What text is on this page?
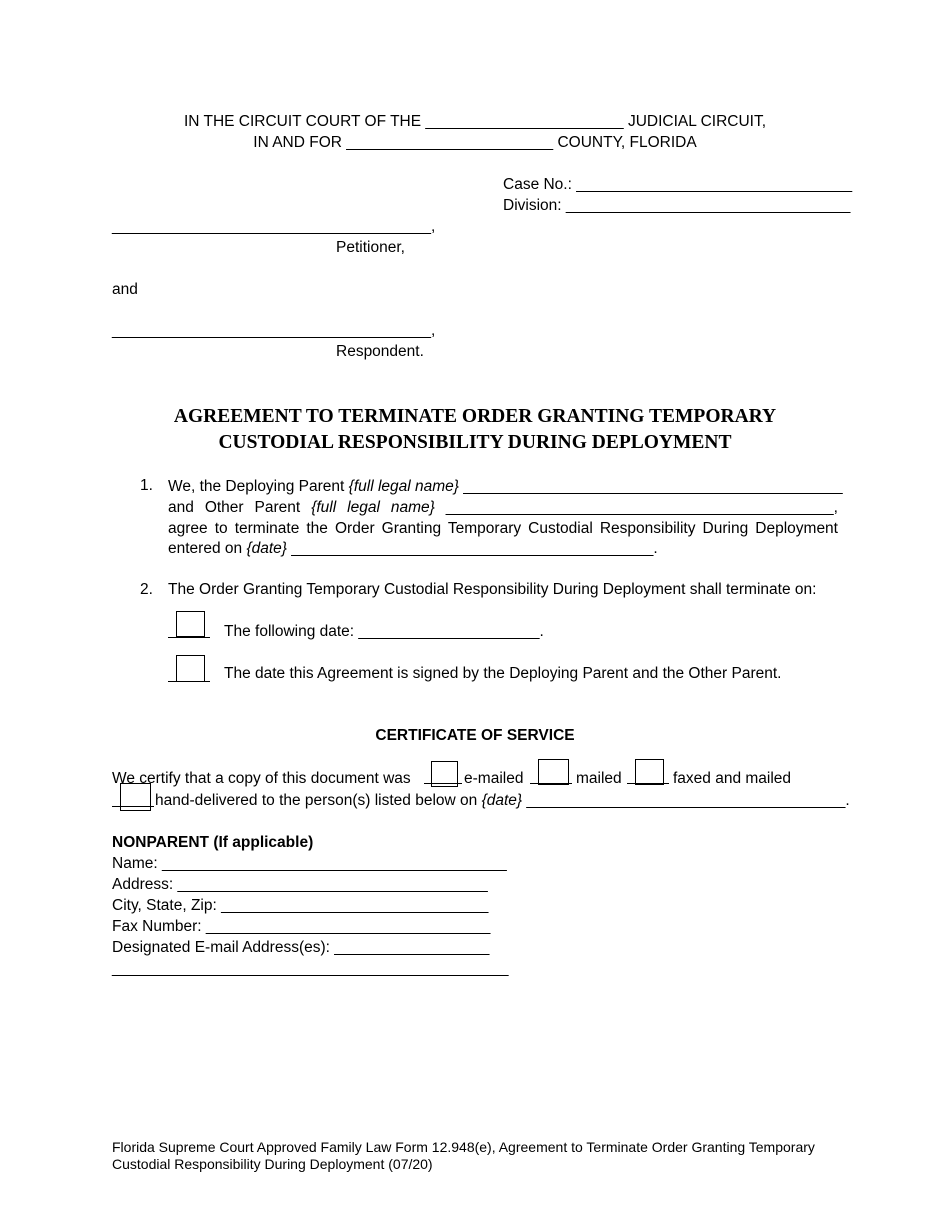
IN THE CIRCUIT COURT OF THE _______________________ JUDICIAL CIRCUIT,
IN AND FOR ________________________ COUNTY, FLORIDA
Case No.: ________________________________
Division: _________________________________
_____________________________________,
Petitioner,
and
_____________________________________,
Respondent.
AGREEMENT TO TERMINATE ORDER GRANTING TEMPORARY
CUSTODIAL RESPONSIBILITY DURING DEPLOYMENT
1. We, the Deploying Parent {full legal name} ____________________________________________
and Other Parent {full legal name} _____________________________________________,
agree to terminate the Order Granting Temporary Custodial Responsibility During Deployment
entered on {date} __________________________________________.
2. The Order Granting Temporary Custodial Responsibility During Deployment shall terminate on:
The following date: _____________________.
The date this Agreement is signed by the Deploying Parent and the Other Parent.
CERTIFICATE OF SERVICE
We certify that a copy of this document was	e-mailed	mailed	faxed and mailed
hand-delivered to the person(s) listed below on {date} _____________________________________.
NONPARENT (If applicable)
Name: ________________________________________
Address: ____________________________________
City, State, Zip: _______________________________
Fax Number: _________________________________
Designated E-mail Address(es): __________________
______________________________________________
Florida Supreme Court Approved Family Law Form 12.948(e), Agreement to Terminate Order Granting Temporary
Custodial Responsibility During Deployment (07/20)
